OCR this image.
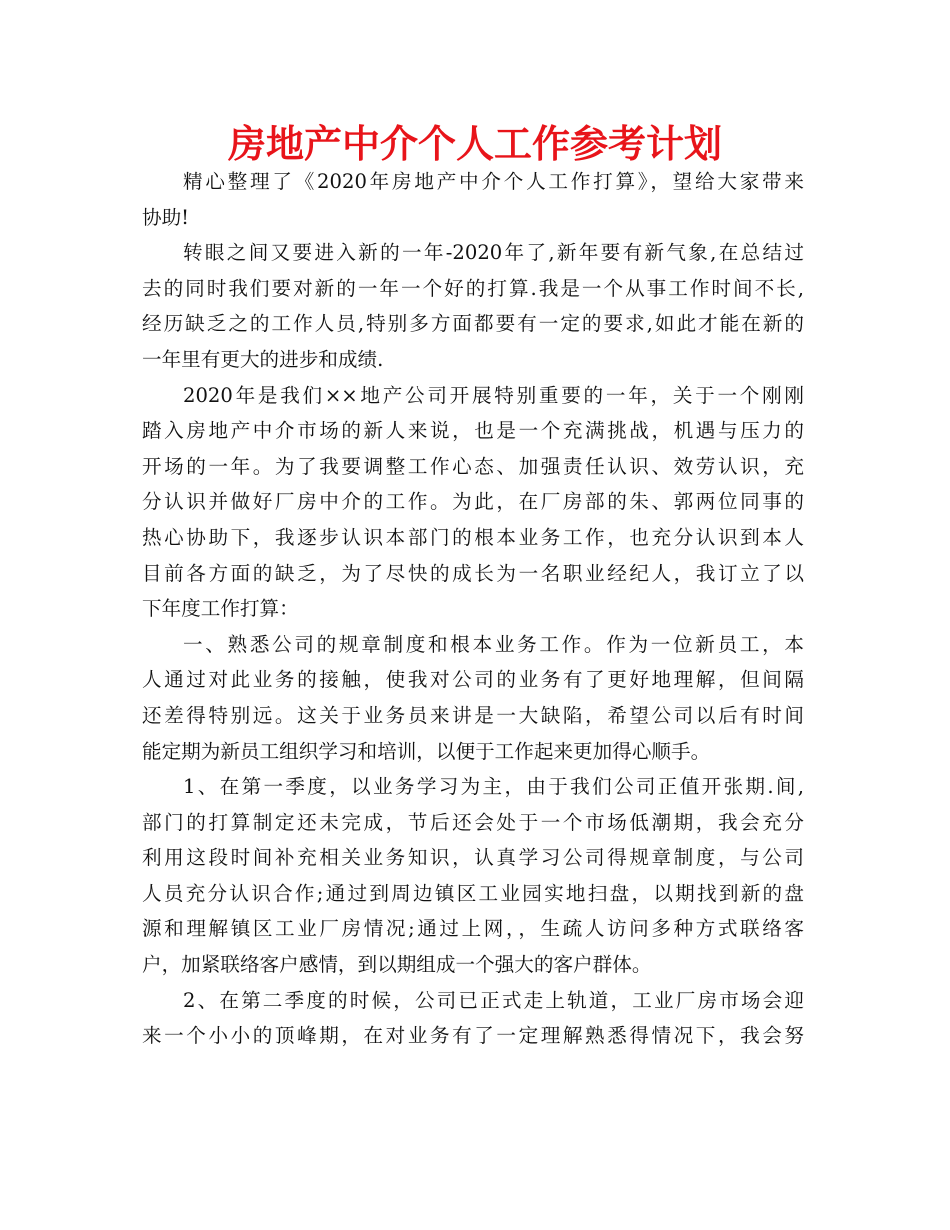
房地产中介个人工作参考计划
精心整理了《2020年房地产中介个人工作打算》，望给大家带来
协助!
转眼之间又要进入新的一年-2020年了,新年要有新气象,在总结过
去的同时我们要对新的一年一个好的打算.我是一个从事工作时间不长,
经历缺乏之的工作人员,特别多方面都要有一定的要求,如此才能在新的
一年里有更大的进步和成绩.
2020年是我们××地产公司开展特别重要的一年，关于一个刚刚
踏入房地产中介市场的新人来说，也是一个充满挑战，机遇与压力的
开场的一年。为了我要调整工作心态、加强责任认识、效劳认识，充
分认识并做好厂房中介的工作。为此，在厂房部的朱、郭两位同事的
热心协助下，我逐步认识本部门的根本业务工作，也充分认识到本人
目前各方面的缺乏，为了尽快的成长为一名职业经纪人，我订立了以
下年度工作打算：
一、熟悉公司的规章制度和根本业务工作。作为一位新员工，本
人通过对此业务的接触，使我对公司的业务有了更好地理解，但间隔
还差得特别远。这关于业务员来讲是一大缺陷，希望公司以后有时间
能定期为新员工组织学习和培训，以便于工作起来更加得心顺手。
1、在第一季度，以业务学习为主，由于我们公司正值开张期.间,
部门的打算制定还未完成，节后还会处于一个市场低潮期，我会充分
利用这段时间补充相关业务知识，认真学习公司得规章制度，与公司
人员充分认识合作;通过到周边镇区工业园实地扫盘，以期找到新的盘
源和理解镇区工业厂房情况;通过上网，，生疏人访问多种方式联络客
户，加紧联络客户感情，到以期组成一个强大的客户群体。
2、在第二季度的时候，公司已正式走上轨道，工业厂房市场会迎
来一个小小的顶峰期，在对业务有了一定理解熟悉得情况下，我会努
